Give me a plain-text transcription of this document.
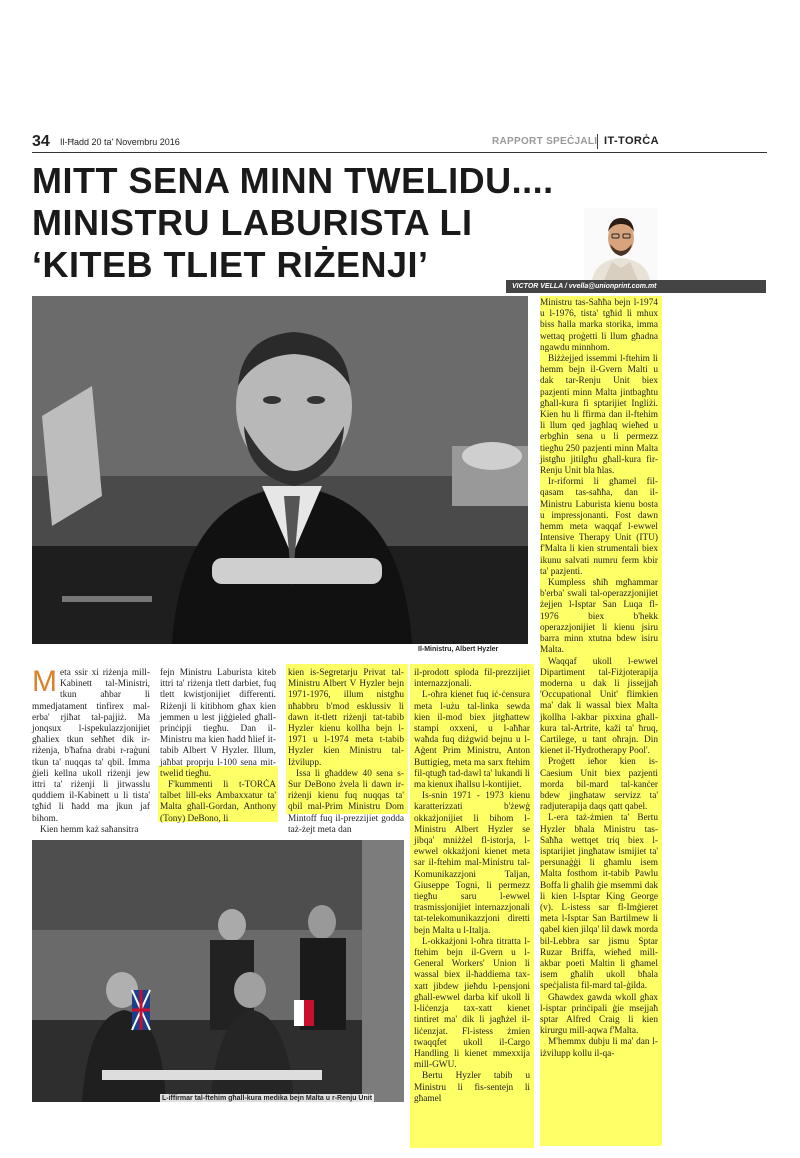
34 Il-Ħadd 20 ta' Novembru 2016	RAPPORT SPEĊJALI IT-TORĊA
MITT SENA MINN TWELIDU....
MINISTRU LABURISTA LI
‘KITEB TLIET RIŻENJI’
VICTOR VELLA / vvella@unionprint.com.mt
Il-Ministru, Albert Hyzler
L-iffirmar tal-ftehim għall-kura medika bejn Malta u r-Renju Unit

Meta ssir xi riżenja mill-Kabinett tal-Ministri, tkun aħbar li mmedjatament tinfirex mal-erba' rjiħat tal-pajjiż. Ma jonqsux l-ispekulazzjonijiet għaliex tkun seħħet dik ir-riżenja, b'ħafna drabi r-raġuni tkun ta' nuqqas ta' qbil. Imma ġieli kellna ukoll riżenji jew ittri ta' riżenji li jitwasslu quddiem il-Kabinett u li tista' tgħid li ħadd ma jkun jaf bihom.

Kien hemm każ saħansitra

fejn Ministru Laburista kiteb ittri ta' riżenja tlett darbiet, fuq tlett kwistjonijiet differenti. Riżenji li kitibhom għax kien jemmen u lest jiġġieled għall-prinċipji tiegħu. Dan il-Ministru ma kien ħadd ħlief it-tabib Albert V Hyzler. Illum, jaħbat proprju l-100 sena mit-twelid tiegħu.

F'kummenti li t-TORĊA talbet lill-eks Ambaxxatur ta' Malta għall-Gordan, Anthony (Tony) DeBono, li

kien is-Segretarju Privat tal-Ministru Albert V Hyzler bejn 1971-1976, illum nistgħu nħabbru b'mod esklussiv li dawn it-tlett riżenji tat-tabib Hyzler kienu kollha bejn l-1971 u l-1974 meta t-tabib Hyzler kien Ministru tal-Iżvilupp.

Issa li għaddew 40 sena s-Sur DeBono żvela li dawn ir-riżenji kienu fuq nuqqas ta' qbil mal-Prim Ministru Dom Mintoff fuq il-prezzijiet godda taż-żejt meta dan

il-prodott sploda fil-prezzijiet internazzjonali.

L-oħra kienet fuq iċ-ċensura meta l-użu tal-linka sewda kien il-mod biex jitgħattew stampi oxxeni, u l-aħħar waħda fuq diżgwid bejnu u l-Aġent Prim Ministru, Anton Buttigieg, meta ma sarx ftehim fil-qtugħ tad-dawl ta' lukandi li ma kienux iħallsu l-kontijiet.

Is-snin 1971 - 1973 kienu karatterizzati b'żewġ okkażjonijiet li bihom l-Ministru Albert Hyzler se jibqa' mniżżel fl-istorja, l-ewwel okkażjoni kienet meta sar il-ftehim mal-Ministru tal-Komunikazzjoni Taljan, Giuseppe Togni, li permezz tiegħu saru l-ewwel trasmissjonijiet internazzjonali tat-telekomunikazzjoni diretti bejn Malta u l-Italja.

L-okkażjoni l-oħra titratta l-ftehim bejn il-Gvern u l-General Workers' Union li wassal biex il-ħaddiema tax-xatt jibdew jieħdu l-pensjoni għall-ewwel darba kif ukoll li l-liċenzja tax-xatt kienet tintiret ma' dik li jagħżel il-liċenzjat. Fl-istess żmien twaqqfet ukoll il-Cargo Handling li kienet mmexxija mill-GWU.

Bertu Hyzler tabib u Ministru li fis-sentejn li għamel

Ministru tas-Saħħa bejn l-1974 u l-1976, tista' tgħid li mhux biss ħalla marka storika, imma wettaq proġetti li llum għadna ngawdu minnhom.

Biżżejjed issemmi l-ftehim li hemm bejn il-Gvern Malti u dak tar-Renju Unit biex pazjenti minn Malta jintbagħtu għall-kura fi sptarijiet Ingliżi. Kien hu li ffirma dan il-ftehim li llum qed jagħlaq wieħed u erbgħin sena u li permezz tiegħu 250 pazjenti minn Malta jistgħu jitilgħu għall-kura fir-Renju Unit bla ħlas.

Ir-riformi li għamel fil-qasam tas-saħħa, dan il-Ministru Laburista kienu bosta u impressjonanti. Fost dawn hemm meta waqqaf l-ewwel Intensive Therapy Unit (ITU) f'Malta li kien strumentali biex ikunu salvati numru ferm kbir ta' pazjenti.

Kumpless sħiħ mgħammar b'erba' swali tal-operazzjonijiet żejjen l-Isptar San Luqa fl-1976 biex b'hekk operazzjonijiet li kienu jsiru barra minn xtutna bdew isiru Malta.

Waqqaf ukoll l-ewwel Dipartiment tal-Fiżjoterapija moderna u dak li jissejjaħ 'Occupational Unit' flimkien ma' dak li wassal biex Malta jkollha l-akbar pixxina għall-kura tal-Artrite, kaži ta' ħruq, Cartilege, u tant oħrajn. Din kienet il-'Hydrotherapy Pool'.

Proġett ieħor kien is-Caesium Unit biex pazjenti morda bil-mard tal-kanċer bdew jingħataw servizz ta' radjuterapija daqs qatt qabel.

L-era taż-żmien ta' Bertu Hyzler bħala Ministru tas-Saħħa wettqet triq biex l-isptarijiet jingħataw ismijiet ta' persunaġġi li għamlu isem Malta fosthom it-tabib Pawlu Boffa li għalih ġie msemmi dak li kien l-Isptar King George (v). L-istess sar fl-Imġieret meta l-Isptar San Bartilmew li qabel kien jilqa' lil dawk morda bil-Lebbra sar jismu Sptar Ruzar Briffa, wieħed mill-akbar poeti Maltin li għamel isem għalih ukoll bħala speċjalista fil-mard tal-ġilda.

Għawdex gawda wkoll għax l-isptar prinċipali ġie msejjaħ sptar Alfred Craig li kien kirurgu mill-aqwa f'Malta.

M'hemmx dubju li ma' dan l-iżvilupp kollu il-qa-
